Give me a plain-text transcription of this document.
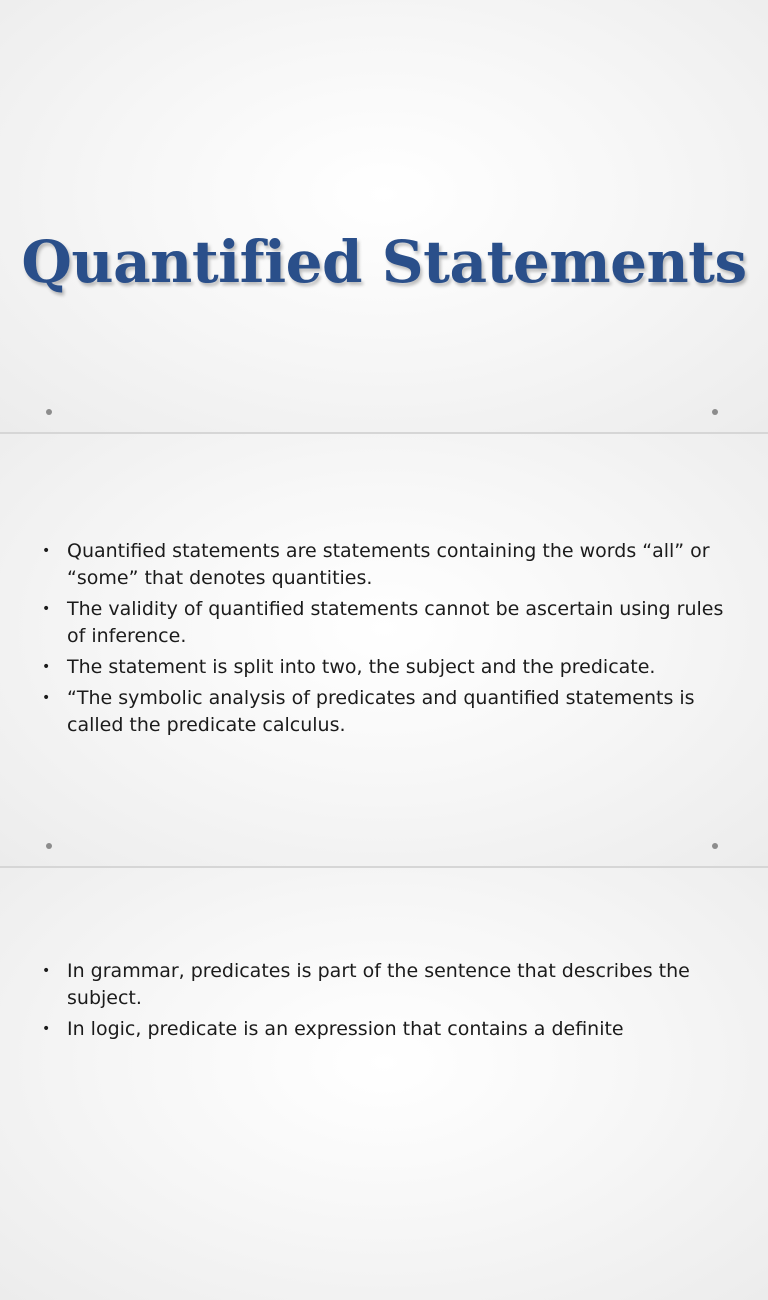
Quantified Statements
• Quantified statements are statements containing the words “all” or “some” that denotes quantities.
• The validity of quantified statements cannot be ascertain using rules of inference.
• The statement is split into two, the subject and the predicate.
• “The symbolic analysis of predicates and quantified statements is called the predicate calculus.
• In grammar, predicates is part of the sentence that describes the subject.
• In logic, predicate is an expression that contains a definite
